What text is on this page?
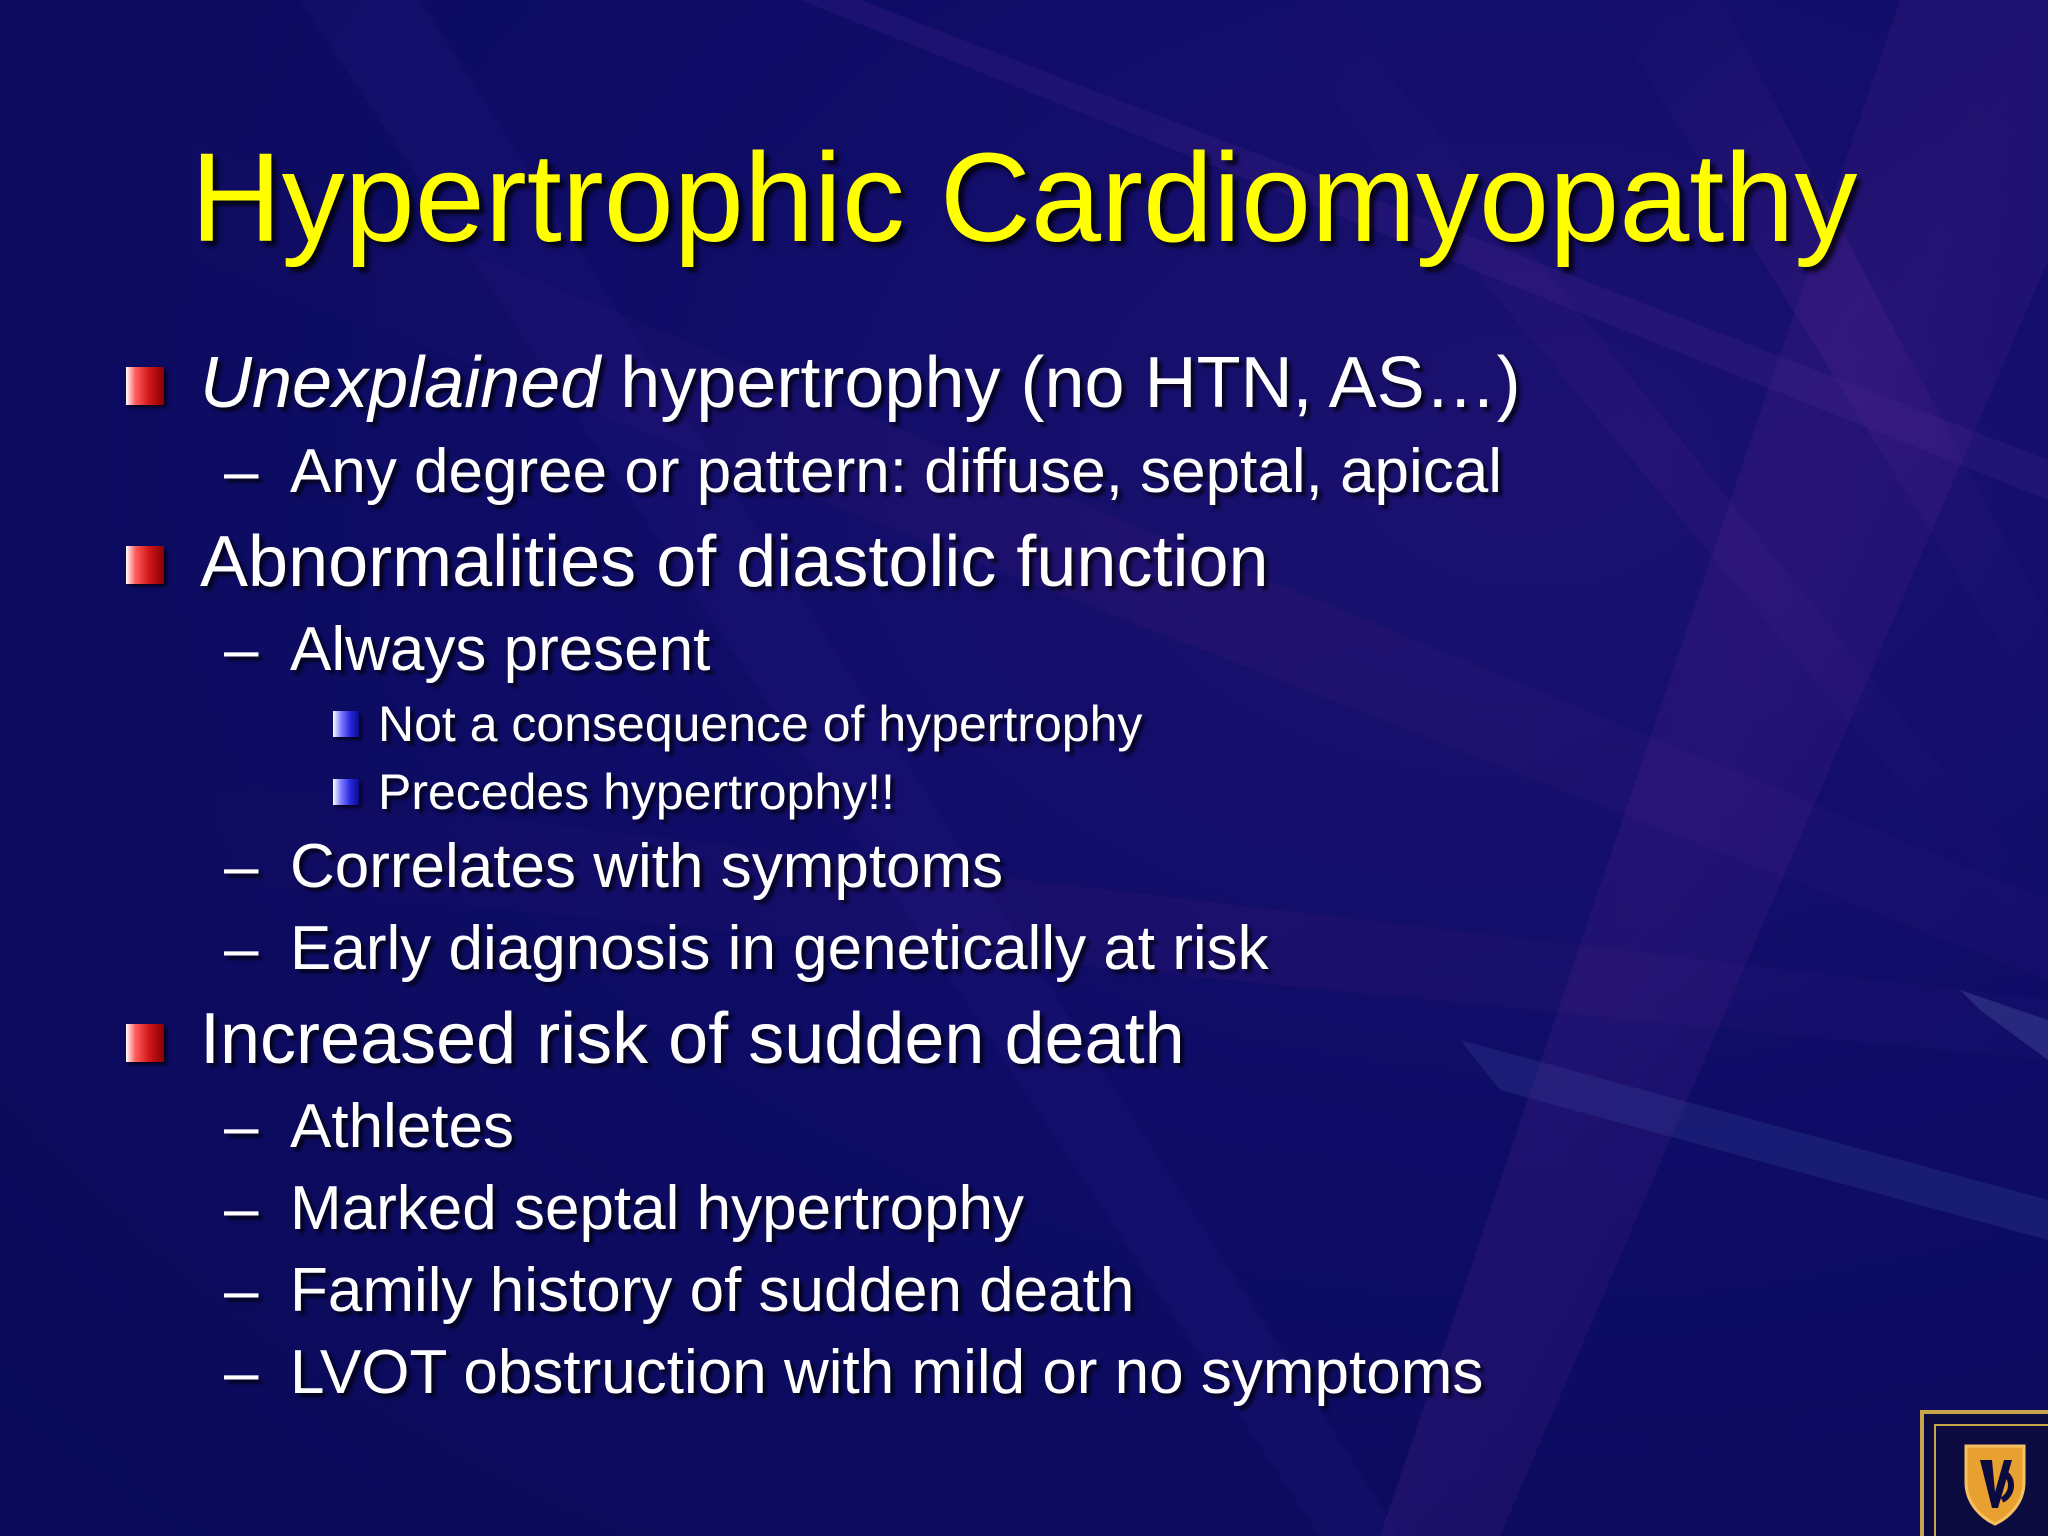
Hypertrophic Cardiomyopathy
Unexplained hypertrophy (no HTN, AS…)
– Any degree or pattern: diffuse, septal, apical
Abnormalities of diastolic function
– Always present
Not a consequence of hypertrophy
Precedes hypertrophy!!
– Correlates with symptoms
– Early diagnosis in genetically at risk
Increased risk of sudden death
– Athletes
– Marked septal hypertrophy
– Family history of sudden death
– LVOT obstruction with mild or no symptoms
